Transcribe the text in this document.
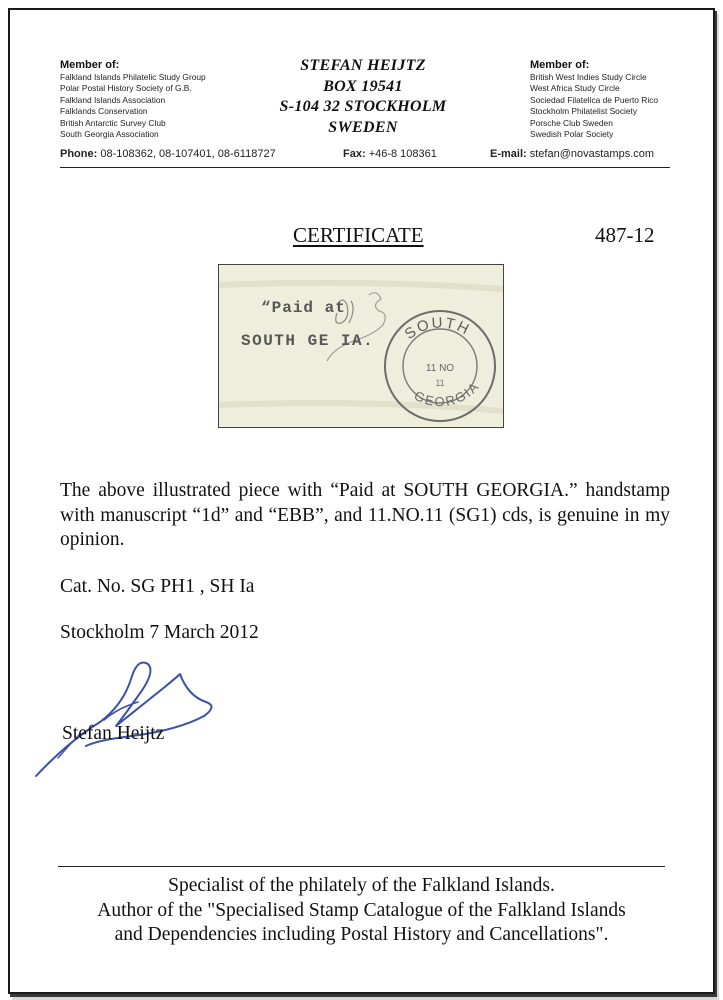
Member of:
Falkland Islands Philatelic Study Group
Polar Postal History Society of G.B.
Falkland Islands Association
Falklands Conservation
British Antarctic Survey Club
South Georgia Association
STEFAN HEIJTZ
BOX 19541
S-104 32 STOCKHOLM
SWEDEN
Member of:
British West Indies Study Circle
West Africa Study Circle
Sociedad Filatelica de Puerto Rico
Stockholm Philatelist Society
Porsche Club Sweden
Swedish Polar Society
Phone: 08-108362, 08-107401, 08-6118727	Fax: +46-8 108361	E-mail: stefan@novastamps.com
CERTIFICATE	487-12
SOUTH
GEORGIA
11 NO
11
“Paid at
SOUTH GE IA.
The above illustrated piece with “Paid at SOUTH GEORGIA.” handstamp with manuscript “1d” and “EBB”, and 11.NO.11 (SG1) cds, is genuine in my opinion.
Cat. No. SG PH1 , SH Ia
Stockholm 7 March 2012
Stefan Heijtz
Specialist of the philately of the Falkland Islands.
Author of the "Specialised Stamp Catalogue of the Falkland Islands
and Dependencies including Postal History and Cancellations".
